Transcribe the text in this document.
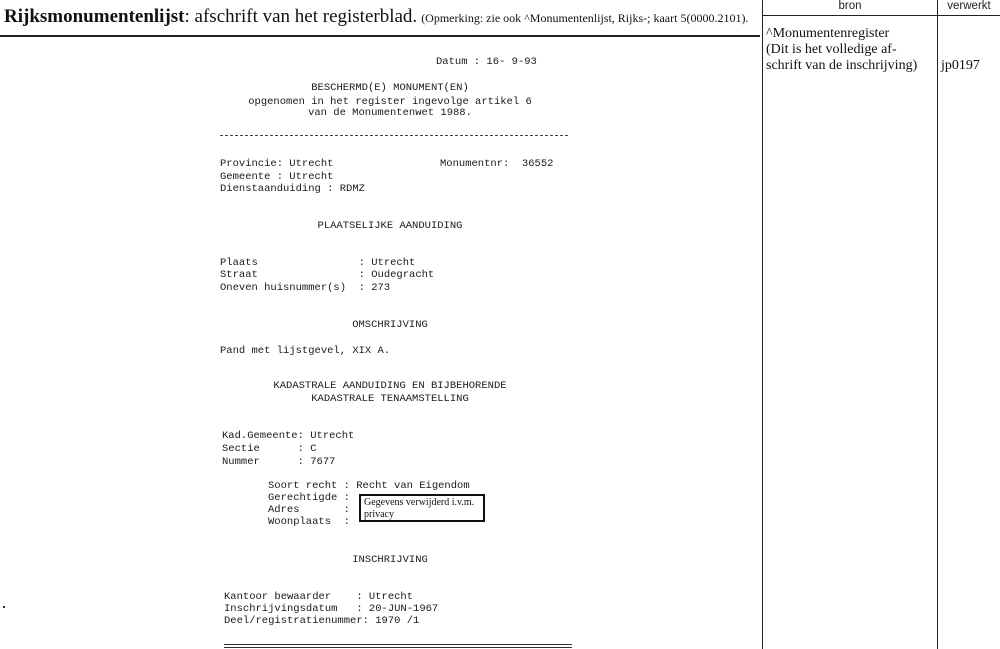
Rijksmonumentenlijst: afschrift van het registerblad. (Opmerking: zie ook ^Monumentenlijst, Rijks-; kaart 5(0000.2101).
bron	verwerkt
^Monumentenregister
(Dit is het volledige af-
schrift van de inschrijving)	jp0197
Datum : 16- 9-93
BESCHERMD(E) MONUMENT(EN)
opgenomen in het register ingevolge artikel 6
van de Monumentenwet 1988.
Provincie: Utrecht	Monumentnr:  36552
Gemeente : Utrecht
Dienstaanduiding : RDMZ
PLAATSELIJKE AANDUIDING
Plaats                : Utrecht
Straat                : Oudegracht
Oneven huisnummer(s)  : 273
OMSCHRIJVING
Pand met lijstgevel, XIX A.
KADASTRALE AANDUIDING EN BIJBEHORENDE
KADASTRALE TENAAMSTELLING
Kad.Gemeente: Utrecht
Sectie      : C
Nummer      : 7677
Soort recht : Recht van Eigendom
Gerechtigde :
Adres       :
Woonplaats  :
INSCHRIJVING
Kantoor bewaarder    : Utrecht
Inschrijvingsdatum   : 20-JUN-1967
Deel/registratienummer: 1970 /1
Gegevens verwijderd i.v.m.
privacy
